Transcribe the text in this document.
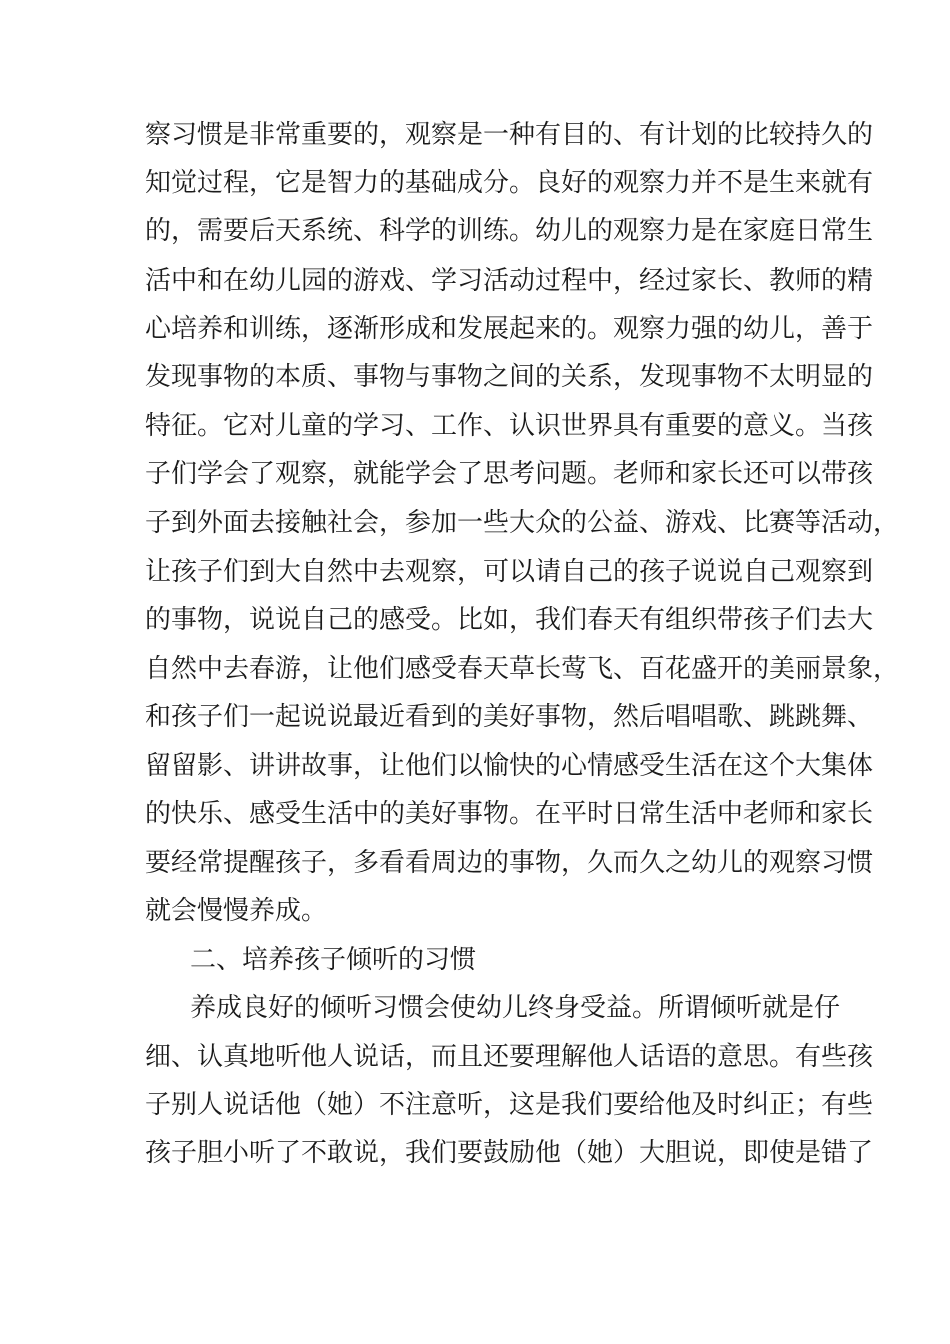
察习惯是非常重要的，观察是一种有目的、有计划的比较持久的
知觉过程，它是智力的基础成分。良好的观察力并不是生来就有
的，需要后天系统、科学的训练。幼儿的观察力是在家庭日常生
活中和在幼儿园的游戏、学习活动过程中，经过家长、教师的精
心培养和训练，逐渐形成和发展起来的。观察力强的幼儿，善于
发现事物的本质、事物与事物之间的关系，发现事物不太明显的
特征。它对儿童的学习、工作、认识世界具有重要的意义。当孩
子们学会了观察，就能学会了思考问题。老师和家长还可以带孩
子到外面去接触社会，参加一些大众的公益、游戏、比赛等活动，
让孩子们到大自然中去观察，可以请自己的孩子说说自己观察到
的事物，说说自己的感受。比如，我们春天有组织带孩子们去大
自然中去春游，让他们感受春天草长莺飞、百花盛开的美丽景象，
和孩子们一起说说最近看到的美好事物，然后唱唱歌、跳跳舞、
留留影、讲讲故事，让他们以愉快的心情感受生活在这个大集体
的快乐、感受生活中的美好事物。在平时日常生活中老师和家长
要经常提醒孩子，多看看周边的事物，久而久之幼儿的观察习惯
就会慢慢养成。
二、培养孩子倾听的习惯
养成良好的倾听习惯会使幼儿终身受益。所谓倾听就是仔
细、认真地听他人说话，而且还要理解他人话语的意思。有些孩
子别人说话他（她）不注意听，这是我们要给他及时纠正；有些
孩子胆小听了不敢说，我们要鼓励他（她）大胆说，即使是错了
